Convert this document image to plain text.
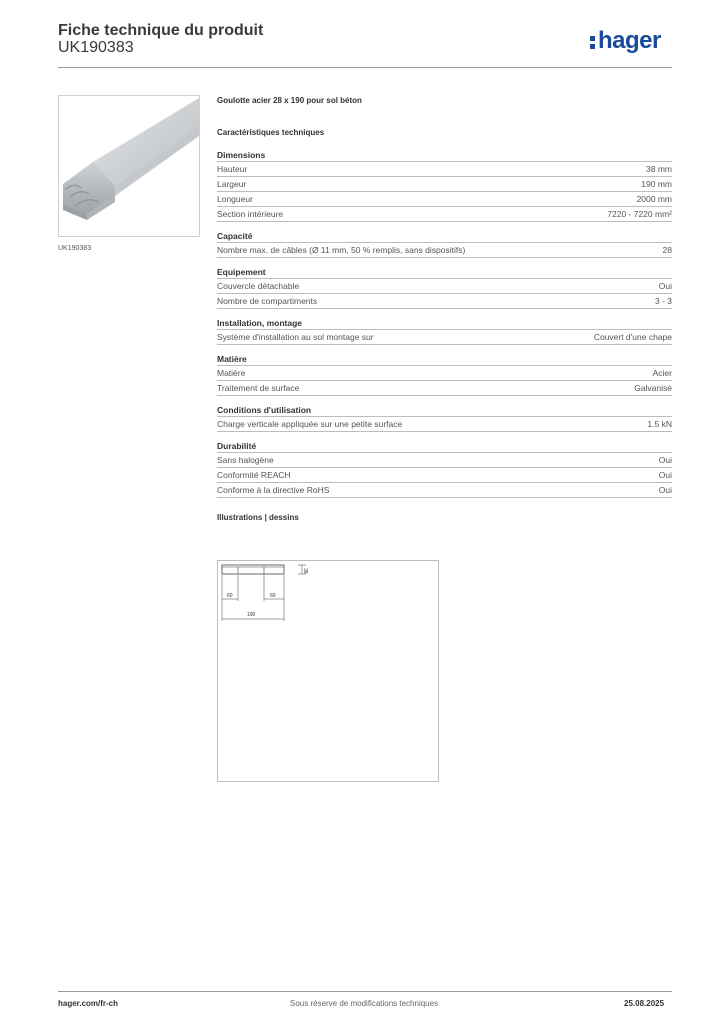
Fiche technique du produit
UK190383	hager
UK190383
Goulotte acier 28 x 190 pour sol béton
Caractéristiques techniques
Dimensions
Hauteur	38 mm
Largeur	190 mm
Longueur	2000 mm
Section intérieure	7220 - 7220 mm²
Capacité
Nombre max. de câbles (Ø 11 mm, 50 % remplis, sans dispositifs)	28
Equipement
Couvercle détachable	Oui
Nombre de compartiments	3 - 3
Installation, montage
Système d'installation au sol montage sur	Couvert d'une chape
Matière
Matière	Acier
Traitement de surface	Galvanisé
Conditions d'utilisation
Charge verticale appliquée sur une petite surface	1.5 kN
Durabilité
Sans halogène	Oui
Conformité REACH	Oui
Conforme à la directive RoHS	Oui
Illustrations | dessins
38
60	60
190
hager.com/fr-ch	Sous réserve de modifications techniques	25.08.2025
